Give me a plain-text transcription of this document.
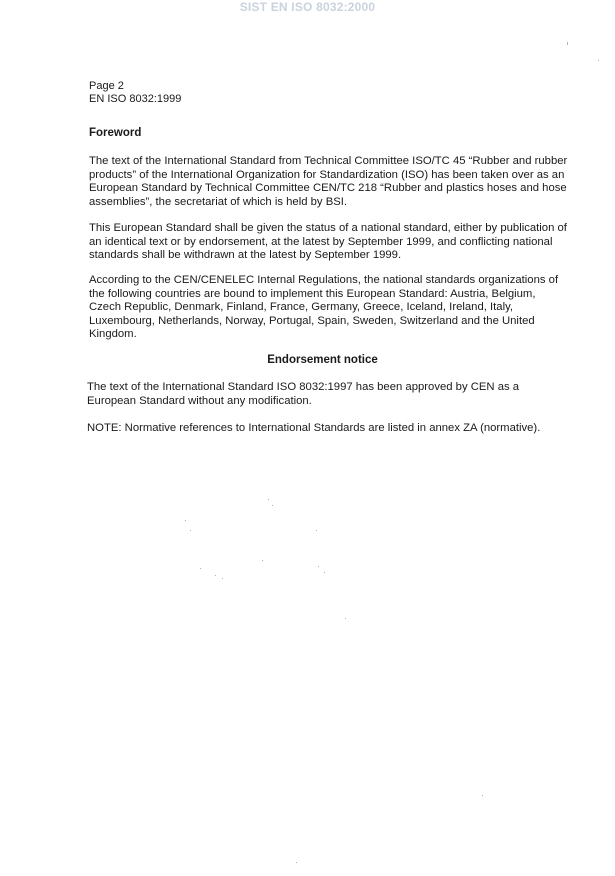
SIST EN ISO 8032:2000
Page 2
EN ISO 8032:1999
Foreword

The text of the International Standard from Technical Committee ISO/TC 45 “Rubber and rubber products” of the International Organization for Standardization (ISO) has been taken over as an European Standard by Technical Committee CEN/TC 218 “Rubber and plastics hoses and hose assemblies”, the secretariat of which is held by BSI.

This European Standard shall be given the status of a national standard, either by publication of an identical text or by endorsement, at the latest by September 1999, and conflicting national standards shall be withdrawn at the latest by September 1999.

According to the CEN/CENELEC Internal Regulations, the national standards organizations of the following countries are bound to implement this European Standard: Austria, Belgium, Czech Republic, Denmark, Finland, France, Germany, Greece, Iceland, Ireland, Italy, Luxembourg, Netherlands, Norway, Portugal, Spain, Sweden, Switzerland and the United Kingdom.

Endorsement notice

The text of the International Standard ISO 8032:1997 has been approved by CEN as a European Standard without any modification.

NOTE: Normative references to International Standards are listed in annex ZA (normative).
